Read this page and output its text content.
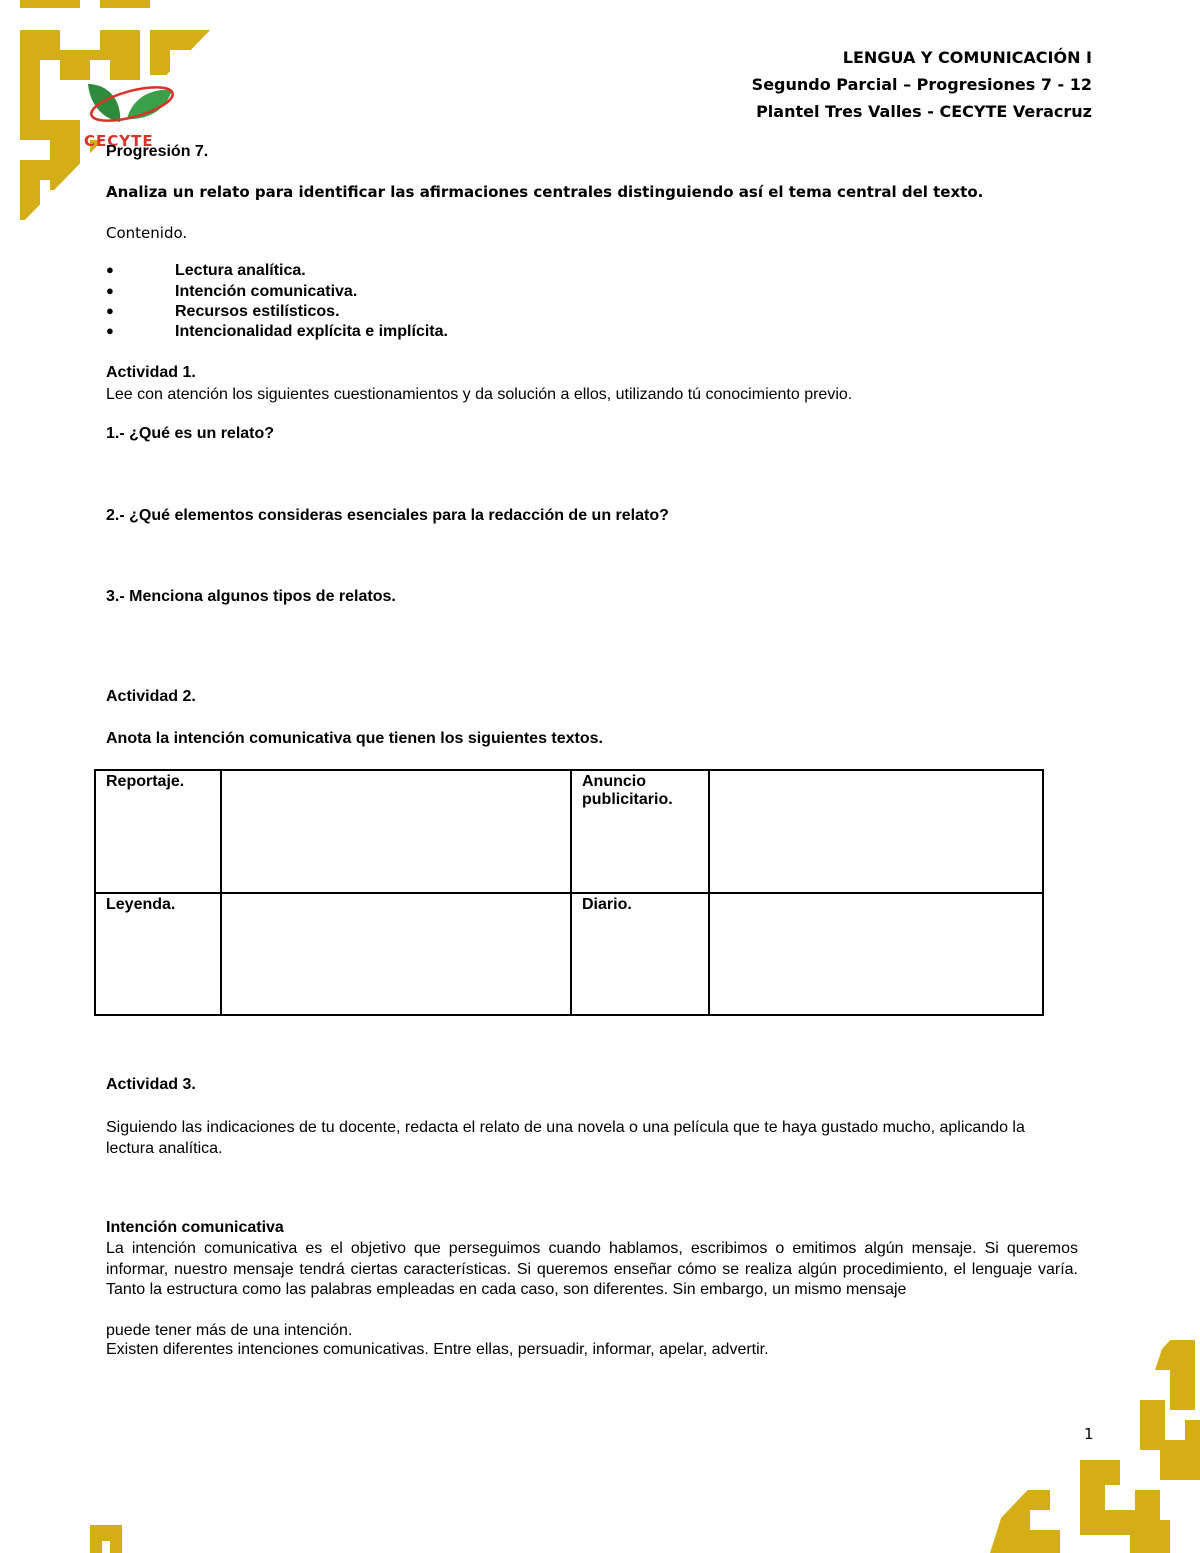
CECYTE
LENGUA Y COMUNICACIÓN I
Segundo Parcial – Progresiones 7 - 12
Plantel Tres Valles - CECYTE Veracruz
Progresión 7.
Analiza un relato para identificar las afirmaciones centrales distinguiendo así el tema central del texto.
Contenido.
●	Lectura analítica.
●	Intención comunicativa.
●	Recursos estilísticos.
●	Intencionalidad explícita e implícita.
Actividad 1.
Lee con atención los siguientes cuestionamientos y da solución a ellos, utilizando tú conocimiento previo.
1.- ¿Qué es un relato?
2.- ¿Qué elementos consideras esenciales para la redacción de un relato?
3.- Menciona algunos tipos de relatos.
Actividad 2.
Anota la intención comunicativa que tienen los siguientes textos.
Reportaje.		Anuncio publicitario.	
Leyenda.		Diario.	
Actividad 3.
Siguiendo las indicaciones de tu docente, redacta el relato de una novela o una película que te haya gustado mucho, aplicando la lectura analítica.
Intención comunicativa
La intención comunicativa es el objetivo que perseguimos cuando hablamos, escribimos o emitimos algún mensaje. Si queremos informar, nuestro mensaje tendrá ciertas características. Si queremos enseñar cómo se realiza algún procedimiento, el lenguaje varía. Tanto la estructura como las palabras empleadas en cada caso, son diferentes. Sin embargo, un mismo mensaje
puede tener más de una intención.
Existen diferentes intenciones comunicativas. Entre ellas, persuadir, informar, apelar, advertir.
1
